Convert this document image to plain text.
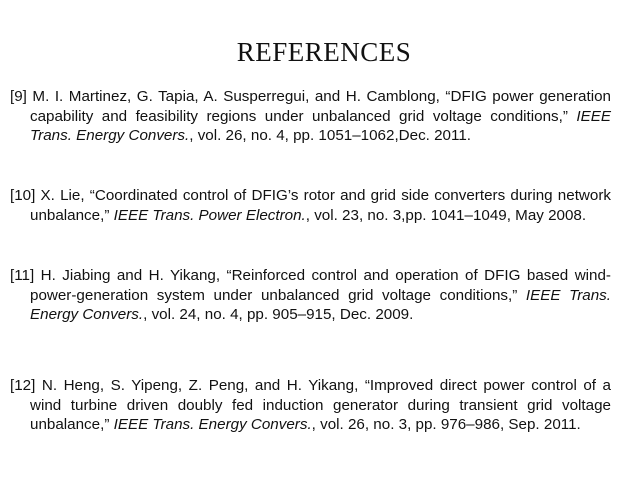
REFERENCES
[9] M. I. Martinez, G. Tapia, A. Susperregui, and H. Camblong, “DFIG power generation capability and feasibility regions under unbalanced grid voltage conditions,” IEEE Trans. Energy Convers., vol. 26, no. 4, pp. 1051–1062,Dec. 2011.
[10] X. Lie, “Coordinated control of DFIG’s rotor and grid side converters during network unbalance,” IEEE Trans. Power Electron., vol. 23, no. 3,pp. 1041–1049, May 2008.
[11] H. Jiabing and H. Yikang, “Reinforced control and operation of DFIG based wind-power-generation system under unbalanced grid voltage conditions,” IEEE Trans. Energy Convers., vol. 24, no. 4, pp. 905–915, Dec. 2009.
[12] N. Heng, S. Yipeng, Z. Peng, and H. Yikang, “Improved direct power control of a wind turbine driven doubly fed induction generator during transient grid voltage unbalance,” IEEE Trans. Energy Convers., vol. 26, no. 3, pp. 976–986, Sep. 2011.
